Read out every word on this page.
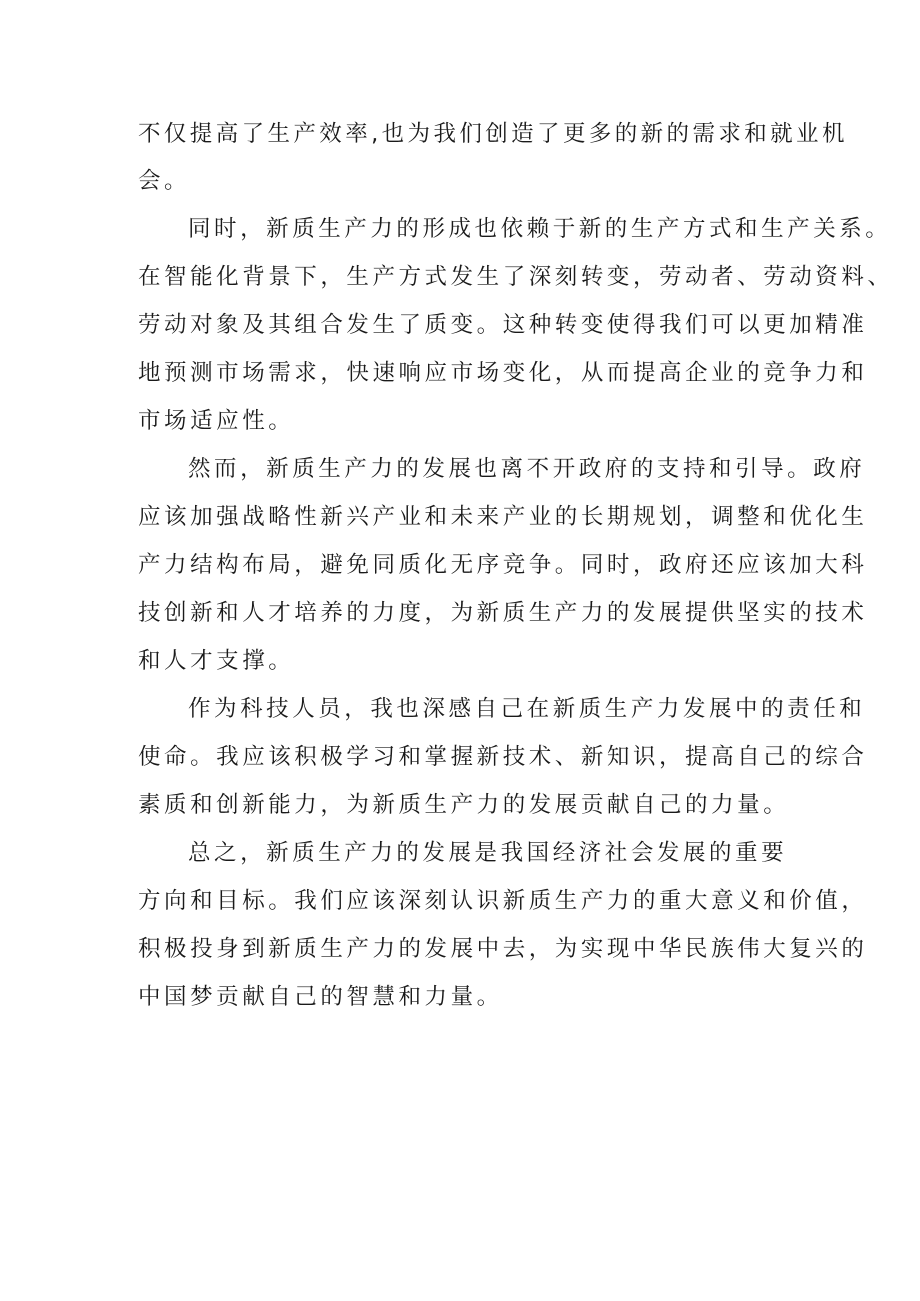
不仅提高了生产效率,也为我们创造了更多的新的需求和就业机

会。

同时，新质生产力的形成也依赖于新的生产方式和生产关系。

在智能化背景下，生产方式发生了深刻转变，劳动者、劳动资料、

劳动对象及其组合发生了质变。这种转变使得我们可以更加精准

地预测市场需求，快速响应市场变化，从而提高企业的竞争力和

市场适应性。

然而，新质生产力的发展也离不开政府的支持和引导。政府

应该加强战略性新兴产业和未来产业的长期规划，调整和优化生

产力结构布局，避免同质化无序竞争。同时，政府还应该加大科

技创新和人才培养的力度，为新质生产力的发展提供坚实的技术

和人才支撑。

作为科技人员，我也深感自己在新质生产力发展中的责任和

使命。我应该积极学习和掌握新技术、新知识，提高自己的综合

素质和创新能力，为新质生产力的发展贡献自己的力量。

总之，新质生产力的发展是我国经济社会发展的重要

方向和目标。我们应该深刻认识新质生产力的重大意义和价值，

积极投身到新质生产力的发展中去，为实现中华民族伟大复兴的

中国梦贡献自己的智慧和力量。
